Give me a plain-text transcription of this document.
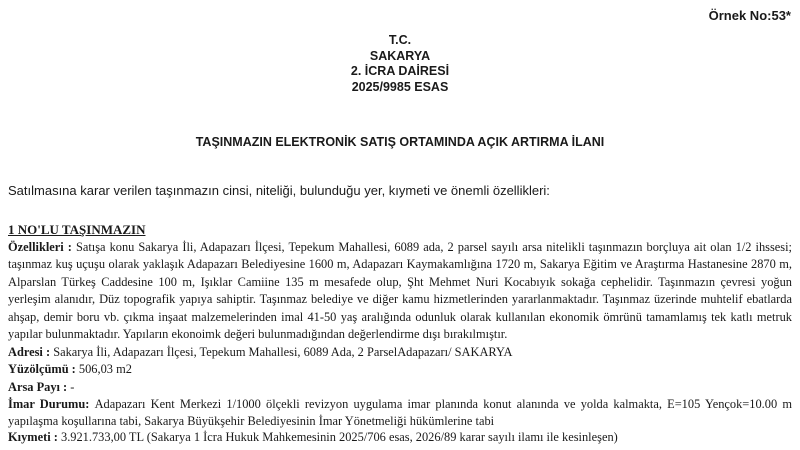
Örnek No:53*
T.C.
SAKARYA
2. İCRA DAİRESİ
2025/9985 ESAS
TAŞINMAZIN ELEKTRONİK SATIŞ ORTAMINDA AÇIK ARTIRMA İLANI
Satılmasına karar verilen taşınmazın cinsi, niteliği, bulunduğu yer, kıymeti ve önemli özellikleri:
1 NO'LU TAŞINMAZIN

Özellikleri : Satışa konu Sakarya İli, Adapazarı İlçesi, Tepekum Mahallesi, 6089 ada, 2 parsel sayılı arsa nitelikli taşınmazın borçluya ait olan 1/2 ihssesi; taşınmaz kuş uçuşu olarak yaklaşık Adapazarı Belediyesine 1600 m, Adapazarı Kaymakamlığına 1720 m, Sakarya Eğitim ve Araştırma Hastanesine 2870 m, Alparslan Türkeş Caddesine 100 m, Işıklar Camiine 135 m mesafede olup, Şht Mehmet Nuri Kocabıyık sokağa cephelidir. Taşınmazın çevresi yoğun yerleşim alanıdır, Düz topografik yapıya sahiptir. Taşınmaz belediye ve diğer kamu hizmetlerinden yararlanmaktadır. Taşınmaz üzerinde muhtelif ebatlarda ahşap, demir boru vb. çıkma inşaat malzemelerinden imal 41-50 yaş aralığında odunluk olarak kullanılan ekonomik ömrünü tamamlamış tek katlı metruk yapılar bulunmaktadır. Yapıların ekonoimk değeri bulunmadığından değerlendirme dışı bırakılmıştır.

Adresi : Sakarya İli, Adapazarı İlçesi, Tepekum Mahallesi, 6089 Ada, 2 ParselAdapazarı/ SAKARYA

Yüzölçümü : 506,03 m2

Arsa Payı : -

İmar Durumu: Adapazarı Kent Merkezi 1/1000 ölçekli revizyon uygulama imar planında konut alanında ve yolda kalmakta, E=105 Yençok=10.00 m yapılaşma koşullarına tabi, Sakarya Büyükşehir Belediyesinin İmar Yönetmeliği hükümlerine tabi

Kıymeti : 3.921.733,00 TL (Sakarya 1 İcra Hukuk Mahkemesinin 2025/706 esas, 2026/89 karar sayılı ilamı ile kesinleşen)
